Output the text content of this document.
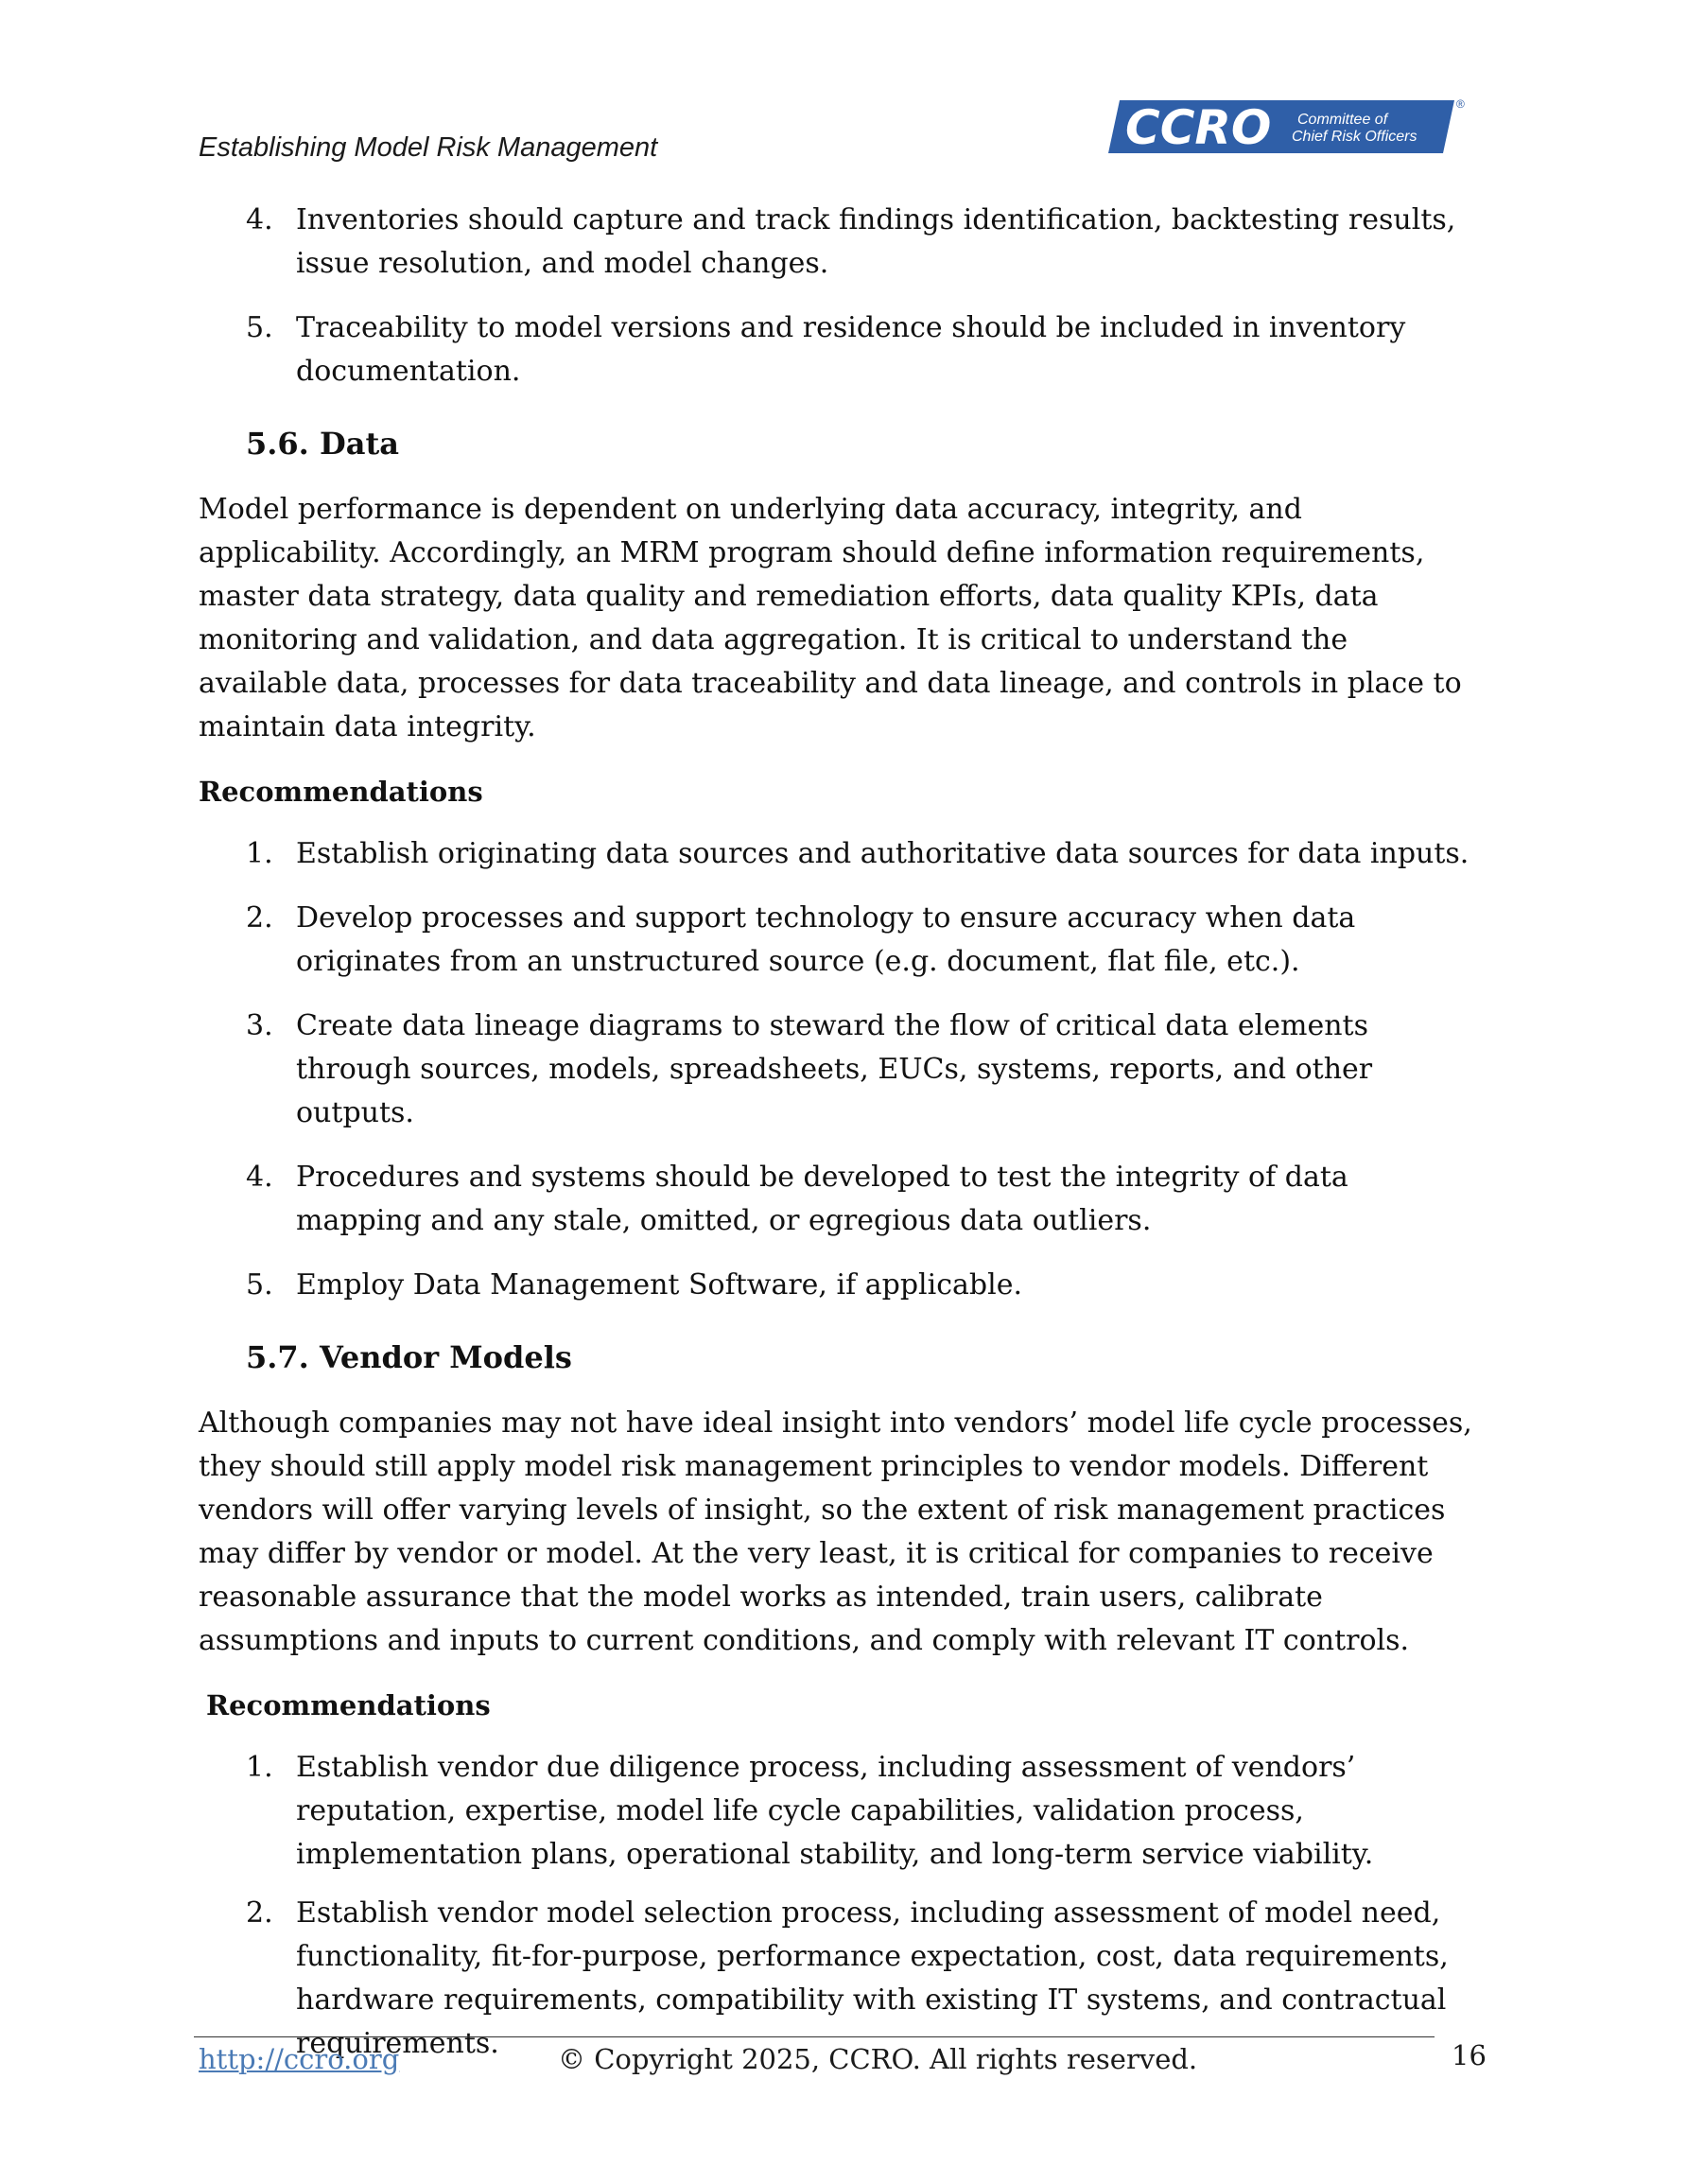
Establishing Model Risk Management	CCRO Committee of
Chief Risk Officers
®
4. Inventories should capture and track findings identification, backtesting results, issue resolution, and model changes.
5. Traceability to model versions and residence should be included in inventory documentation.
5.6. Data

Model performance is dependent on underlying data accuracy, integrity, and applicability. Accordingly, an MRM program should define information requirements, master data strategy, data quality and remediation efforts, data quality KPIs, data monitoring and validation, and data aggregation. It is critical to understand the available data, processes for data traceability and data lineage, and controls in place to maintain data integrity.

Recommendations
1. Establish originating data sources and authoritative data sources for data inputs.
2. Develop processes and support technology to ensure accuracy when data originates from an unstructured source (e.g. document, flat file, etc.).
3. Create data lineage diagrams to steward the flow of critical data elements through sources, models, spreadsheets, EUCs, systems, reports, and other outputs.
4. Procedures and systems should be developed to test the integrity of data mapping and any stale, omitted, or egregious data outliers.
5. Employ Data Management Software, if applicable.
5.7. Vendor Models

Although companies may not have ideal insight into vendors’ model life cycle processes, they should still apply model risk management principles to vendor models. Different vendors will offer varying levels of insight, so the extent of risk management practices may differ by vendor or model. At the very least, it is critical for companies to receive reasonable assurance that the model works as intended, train users, calibrate assumptions and inputs to current conditions, and comply with relevant IT controls.

Recommendations
1. Establish vendor due diligence process, including assessment of vendors’ reputation, expertise, model life cycle capabilities, validation process, implementation plans, operational stability, and long-term service viability.
2. Establish vendor model selection process, including assessment of model need, functionality, fit-for-purpose, performance expectation, cost, data requirements, hardware requirements, compatibility with existing IT systems, and contractual requirements.
http://ccro.org	© Copyright 2025, CCRO. All rights reserved.	16
